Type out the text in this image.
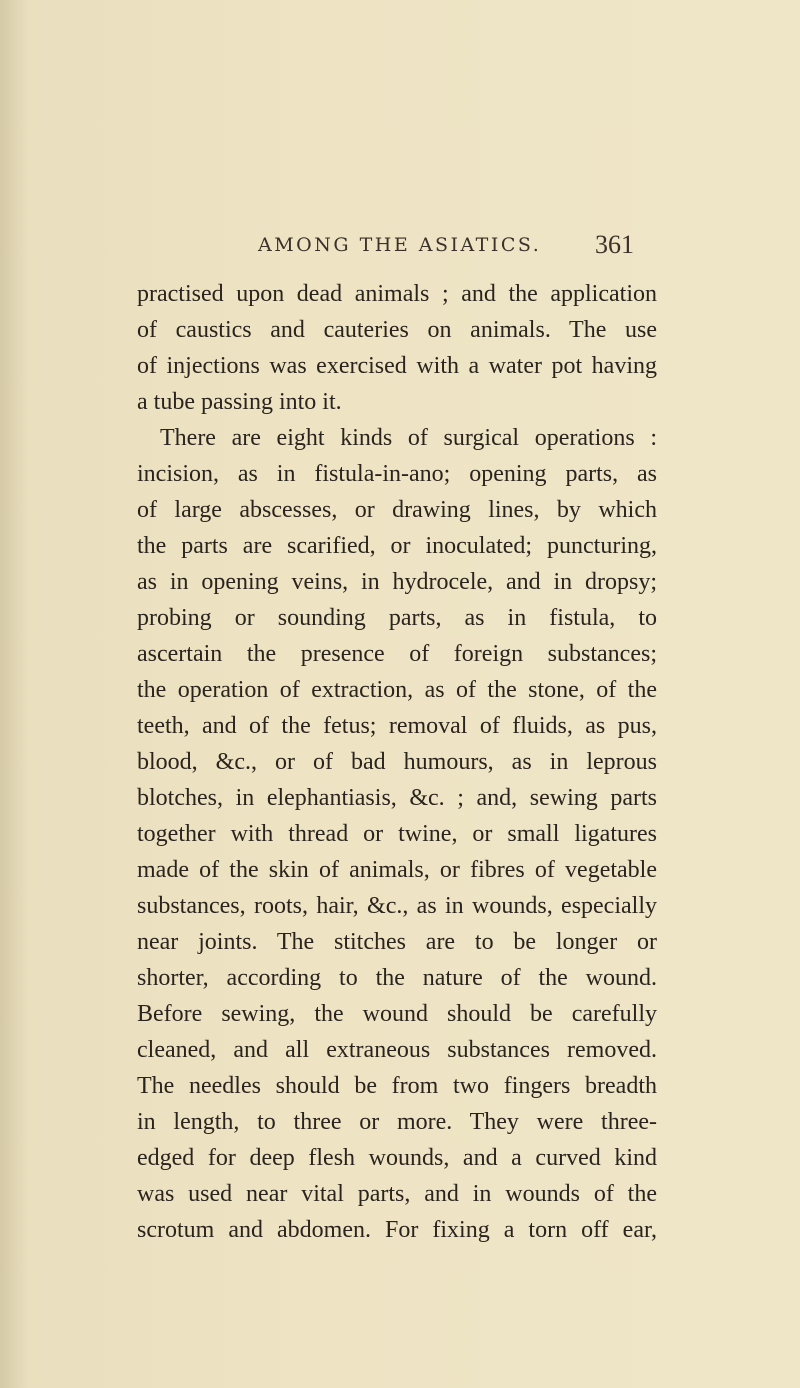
AMONG THE ASIATICS. 361
practised upon dead animals ; and the application
of caustics and cauteries on animals. The use
of injections was exercised with a water pot having
a tube passing into it.
There are eight kinds of surgical operations :
incision, as in fistula-in-ano; opening parts, as
of large abscesses, or drawing lines, by which
the parts are scarified, or inoculated; puncturing,
as in opening veins, in hydrocele, and in dropsy;
probing or sounding parts, as in fistula, to
ascertain the presence of foreign substances;
the operation of extraction, as of the stone, of the
teeth, and of the fetus; removal of fluids, as pus,
blood, &c., or of bad humours, as in leprous
blotches, in elephantiasis, &c. ; and, sewing parts
together with thread or twine, or small ligatures
made of the skin of animals, or fibres of vegetable
substances, roots, hair, &c., as in wounds, especially
near joints. The stitches are to be longer or
shorter, according to the nature of the wound.
Before sewing, the wound should be carefully
cleaned, and all extraneous substances removed.
The needles should be from two fingers breadth
in length, to three or more. They were three-
edged for deep flesh wounds, and a curved kind
was used near vital parts, and in wounds of the
scrotum and abdomen. For fixing a torn off ear,
